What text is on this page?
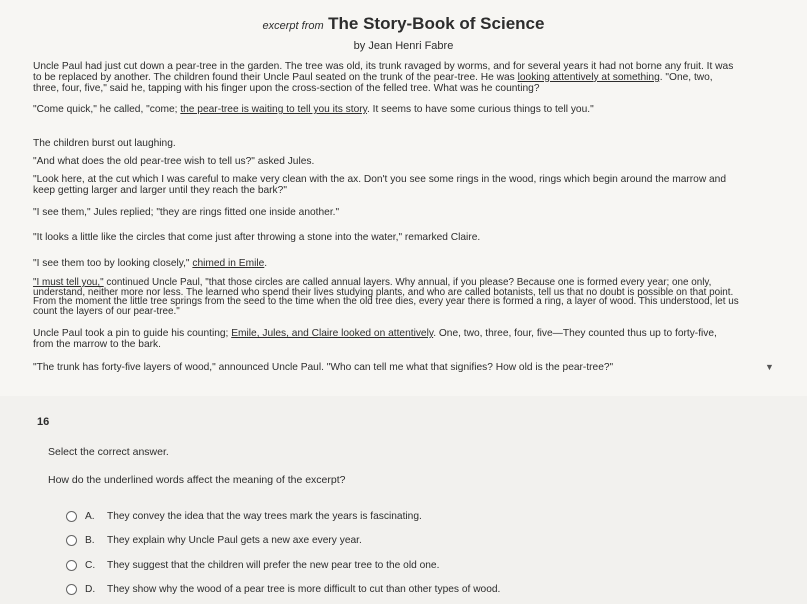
excerpt from The Story-Book of Science
by Jean Henri Fabre
Uncle Paul had just cut down a pear-tree in the garden. The tree was old, its trunk ravaged by worms, and for several years it had not borne any fruit. It was to be replaced by another. The children found their Uncle Paul seated on the trunk of the pear-tree. He was looking attentively at something. "One, two, three, four, five," said he, tapping with his finger upon the cross-section of the felled tree. What was he counting?
"Come quick," he called, "come; the pear-tree is waiting to tell you its story. It seems to have some curious things to tell you."
The children burst out laughing.
"And what does the old pear-tree wish to tell us?" asked Jules.
"Look here, at the cut which I was careful to make very clean with the ax. Don't you see some rings in the wood, rings which begin around the marrow and keep getting larger and larger until they reach the bark?"
"I see them," Jules replied; "they are rings fitted one inside another."
"It looks a little like the circles that come just after throwing a stone into the water," remarked Claire.
"I see them too by looking closely," chimed in Emile.
"I must tell you," continued Uncle Paul, "that those circles are called annual layers. Why annual, if you please? Because one is formed every year; one only, understand, neither more nor less. The learned who spend their lives studying plants, and who are called botanists, tell us that no doubt is possible on that point. From the moment the little tree springs from the seed to the time when the old tree dies, every year there is formed a ring, a layer of wood. This understood, let us count the layers of our pear-tree."
Uncle Paul took a pin to guide his counting; Emile, Jules, and Claire looked on attentively. One, two, three, four, five—They counted thus up to forty-five, from the marrow to the bark.
"The trunk has forty-five layers of wood," announced Uncle Paul. "Who can tell me what that signifies? How old is the pear-tree?"	▼
16
Select the correct answer.
How do the underlined words affect the meaning of the excerpt?
A.	They convey the idea that the way trees mark the years is fascinating.
B.	They explain why Uncle Paul gets a new axe every year.
C.	They suggest that the children will prefer the new pear tree to the old one.
D.	They show why the wood of a pear tree is more difficult to cut than other types of wood.
